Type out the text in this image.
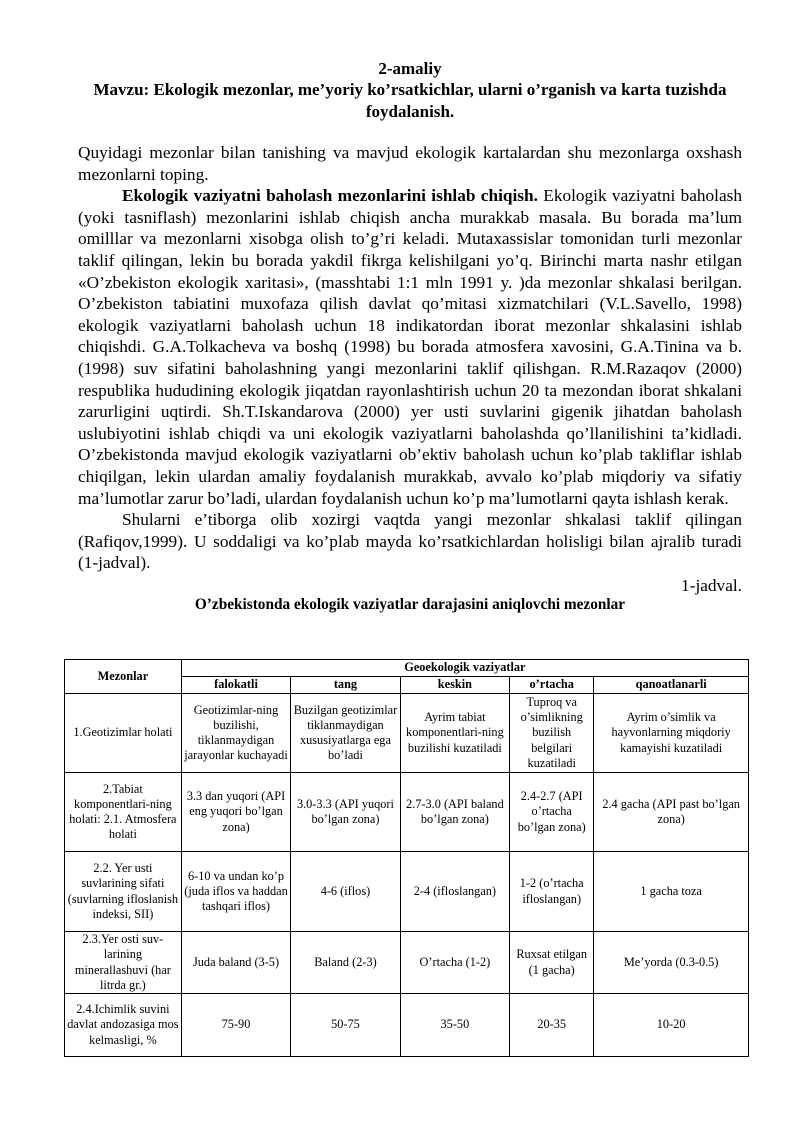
2-amaliy
Mavzu: Ekologik mezonlar, me’yoriy ko’rsatkichlar, ularni o’rganish va karta tuzishda foydalanish.

Quyidagi mezonlar bilan tanishing va mavjud ekologik kartalardan shu mezonlarga oxshash mezonlarni toping.

Ekologik vaziyatni baholash mezonlarini ishlab chiqish. Ekologik vaziyatni baholash (yoki tasniflash) mezonlarini ishlab chiqish ancha murakkab masala. Bu borada ma’lum omilllar va mezonlarni xisobga olish to’g’ri keladi. Mutaxassislar tomonidan turli mezonlar taklif qilingan, lekin bu borada yakdil fikrga kelishilgani yo’q. Birinchi marta nashr etilgan «O’zbekiston ekologik xaritasi», (masshtabi 1:1 mln 1991 y. )da mezonlar shkalasi berilgan. O’zbekiston tabiatini muxofaza qilish davlat qo’mitasi xizmatchilari (V.L.Savello, 1998) ekologik vaziyatlarni baholash uchun 18 indikatordan iborat mezonlar shkalasini ishlab chiqishdi. G.A.Tolkacheva va boshq (1998) bu borada atmosfera xavosini, G.A.Tinina va b. (1998) suv sifatini baholashning yangi mezonlarini taklif qilishgan. R.M.Razaqov (2000) respublika hududining ekologik jiqatdan rayonlashtirish uchun 20 ta mezondan iborat shkalani zarurligini uqtirdi. Sh.T.Iskandarova (2000) yer usti suvlarini gigenik jihatdan baholash uslubiyotini ishlab chiqdi va uni ekologik vaziyatlarni baholashda qo’llanilishini ta’kidladi. O’zbekistonda mavjud ekologik vaziyatlarni ob’ektiv baholash uchun ko’plab takliflar ishlab chiqilgan, lekin ulardan amaliy foydalanish murakkab, avvalo ko’plab miqdoriy va sifatiy ma’lumotlar zarur bo’ladi, ulardan foydalanish uchun ko’p ma’lumotlarni qayta ishlash kerak.

Shularni e’tiborga olib xozirgi vaqtda yangi mezonlar shkalasi taklif qilingan (Rafiqov,1999). U soddaligi va ko’plab mayda ko’rsatkichlardan holisligi bilan ajralib turadi (1-jadval).

1-jadval.
O’zbekistonda ekologik vaziyatlar darajasini aniqlovchi mezonlar
Mezonlar	Geoekologik vaziyatlar				
	falokatli	tang	keskin	o’rtacha	qanoatlanarli
1.Geotizimlar holati	Geotizimlar-ning buzilishi, tiklanmaydigan jarayonlar kuchayadi	Buzilgan geotizimlar tiklanmaydigan xususiyatlarga ega bo’ladi	Ayrim tabiat komponentlari-ning buzilishi kuzatiladi	Tuproq va o’simlikning buzilish belgilari kuzatiladi	Ayrim o’simlik va hayvonlarning miqdoriy kamayishi kuzatiladi
2.Tabiat komponentlari-ning holati: 2.1. Atmosfera holati	3.3 dan yuqori (API eng yuqori bo’lgan zona)	3.0-3.3 (API yuqori bo’lgan zona)	2.7-3.0 (API baland bo’lgan zona)	2.4-2.7 (API o’rtacha bo’lgan zona)	2.4 gacha (API past bo’lgan zona)
2.2. Yer usti suvlarining sifati (suvlarning ifloslanish indeksi, SII)	6-10 va undan ko’p (juda iflos va haddan tashqari iflos)	4-6 (iflos)	2-4 (ifloslangan)	1-2 (o’rtacha ifloslangan)	1 gacha toza
2.3.Yer osti suv-larining minerallashuvi (har litrda gr.)	Juda baland (3-5)	Baland (2-3)	O’rtacha (1-2)	Ruxsat etilgan (1 gacha)	Me’yorda (0.3-0.5)
2.4.Ichimlik suvini davlat andozasiga mos kelmasligi, %	75-90	50-75	35-50	20-35	10-20
